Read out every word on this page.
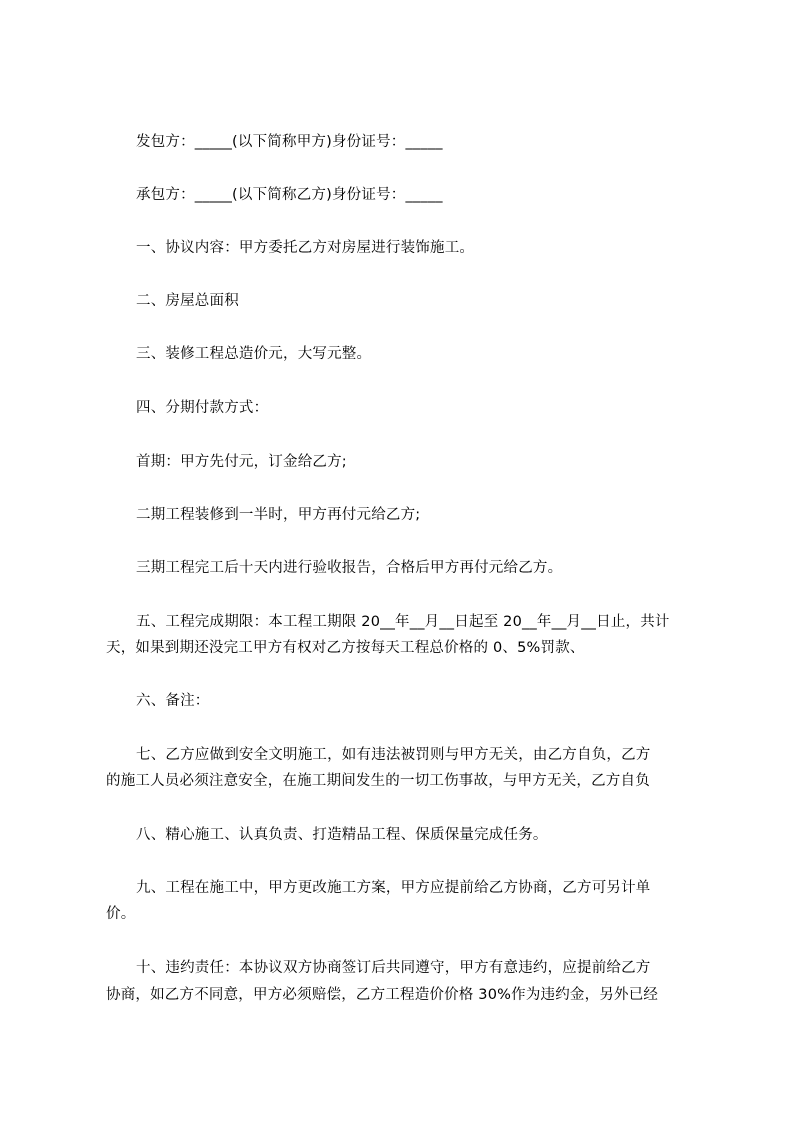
发包方：_____(以下简称甲方)身份证号：_____
承包方：_____(以下简称乙方)身份证号：_____
一、协议内容：甲方委托乙方对房屋进行装饰施工。
二、房屋总面积
三、装修工程总造价元，大写元整。
四、分期付款方式：
首期：甲方先付元，订金给乙方;
二期工程装修到一半时，甲方再付元给乙方;
三期工程完工后十天内进行验收报告，合格后甲方再付元给乙方。
五、工程完成期限：本工程工期限 20__年__月__日起至 20__年__月__日止，共计
天，如果到期还没完工甲方有权对乙方按每天工程总价格的 0、5%罚款、
六、备注：
七、乙方应做到安全文明施工，如有违法被罚则与甲方无关，由乙方自负，乙方
的施工人员必须注意安全，在施工期间发生的一切工伤事故，与甲方无关，乙方自负
八、精心施工、认真负责、打造精品工程、保质保量完成任务。
九、工程在施工中，甲方更改施工方案，甲方应提前给乙方协商，乙方可另计单
价。
十、违约责任：本协议双方协商签订后共同遵守，甲方有意违约，应提前给乙方
协商，如乙方不同意，甲方必须赔偿，乙方工程造价价格 30%作为违约金，另外已经
